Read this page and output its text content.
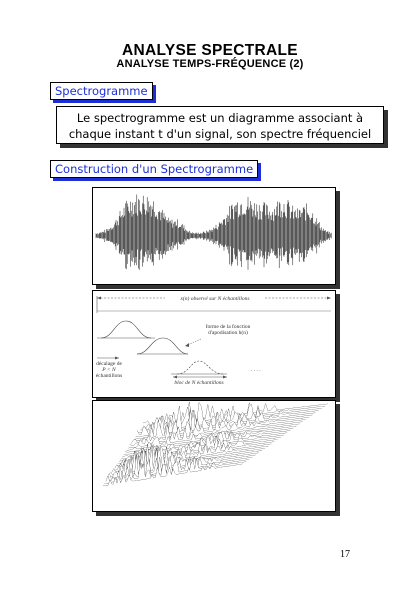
ANALYSE SPECTRALE
ANALYSE TEMPS-FRÉQUENCE (2)
Spectrogramme
Le spectrogramme est un diagramme associant à
chaque instant t d'un signal, son spectre fréquenciel
Construction d'un Spectrogramme
x(n) observé sur N échantillons
forme de la fonction
d'apodisation h(n)
décalage de
P < N
échantillons
bloc de N échantillons
. . . .
17
